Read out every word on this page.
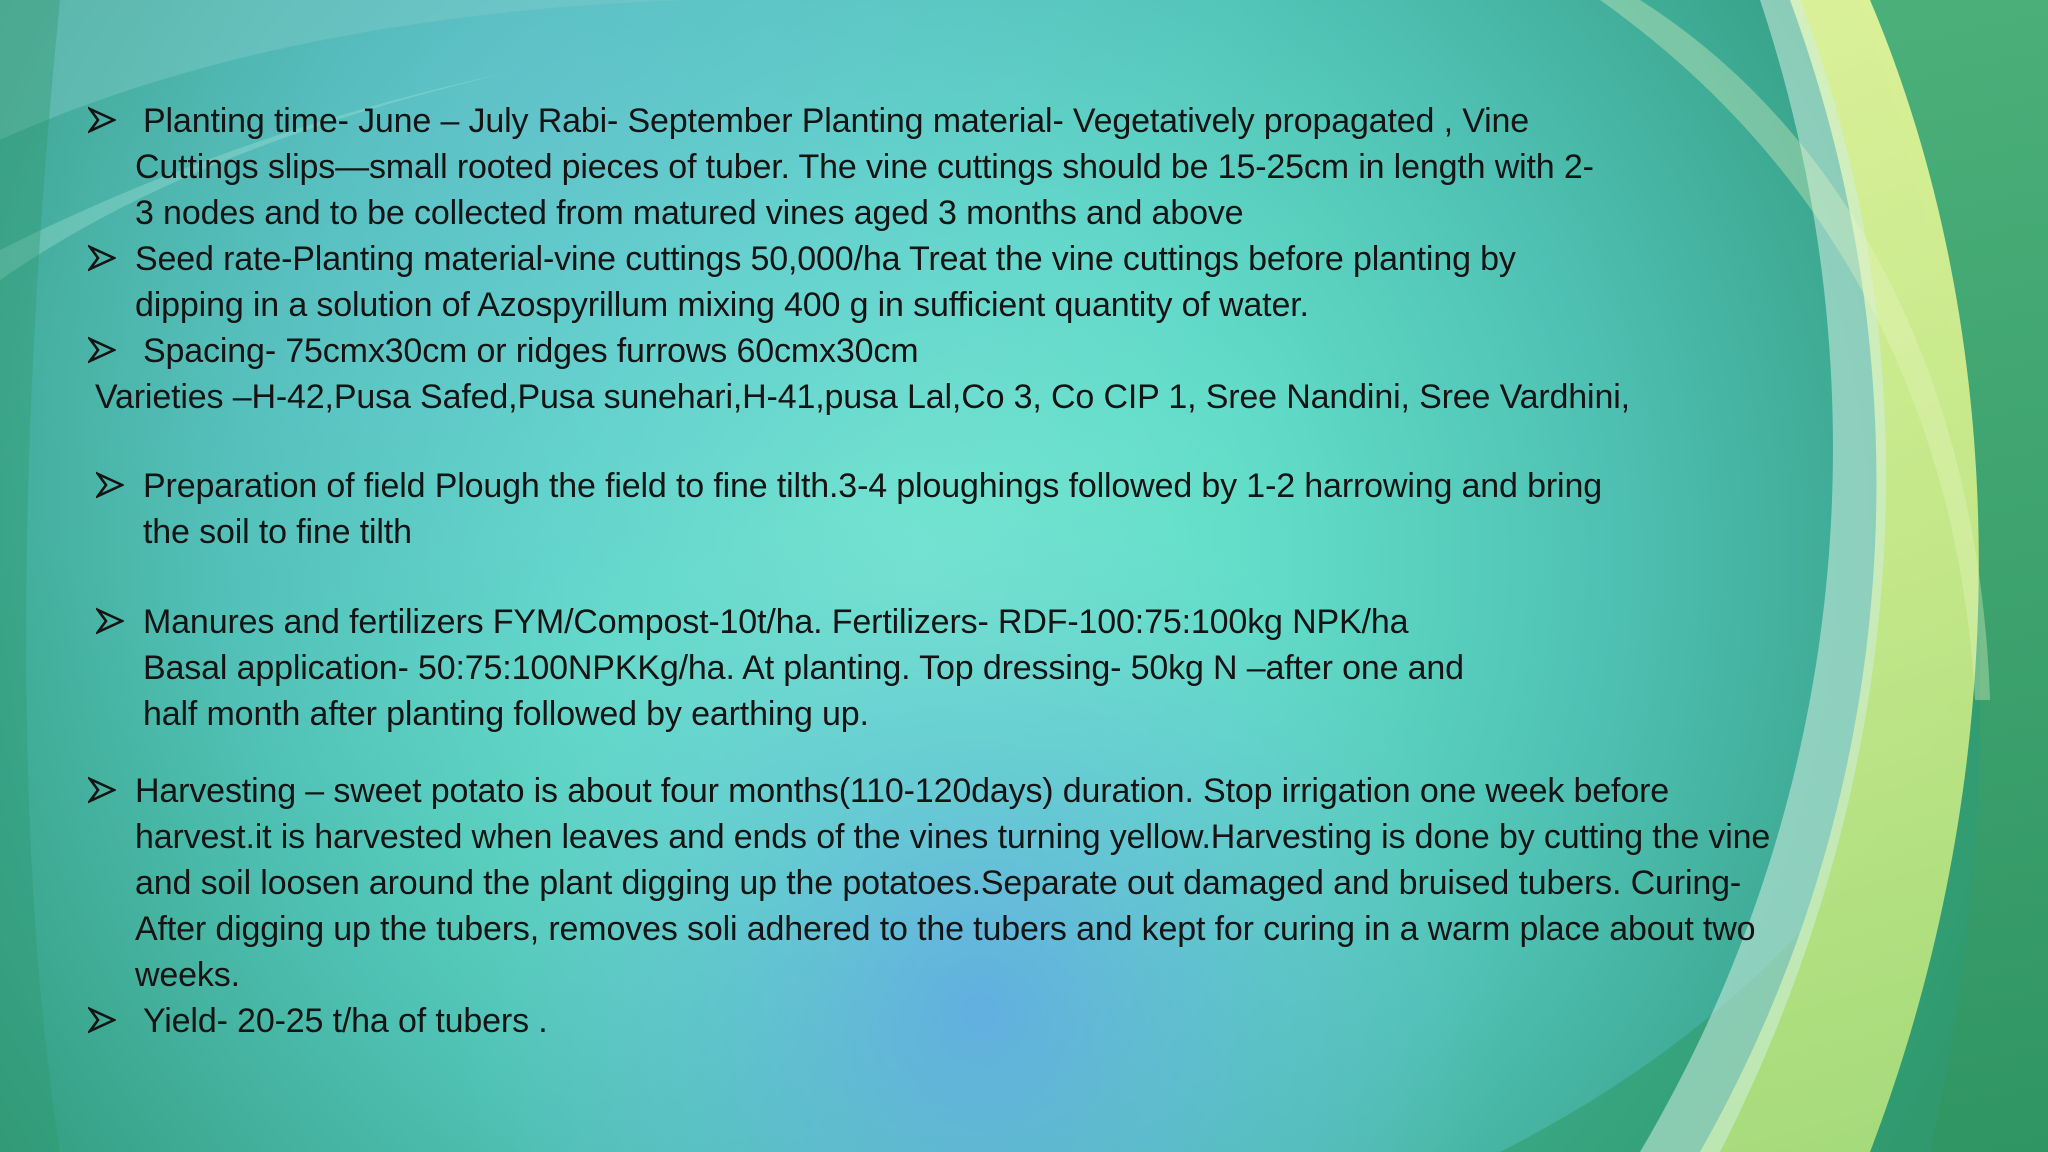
Planting time- June – July Rabi- September Planting material- Vegetatively propagated , Vine
Cuttings slips—small rooted pieces of tuber. The vine cuttings should be 15-25cm in length with 2-
3 nodes and to be collected from matured vines aged 3 months and above
Seed rate-Planting material-vine cuttings 50,000/ha Treat the vine cuttings before planting by
dipping in a solution of Azospyrillum mixing 400 g in sufficient quantity of water.
Spacing- 75cmx30cm or ridges furrows 60cmx30cm
Varieties –H-42,Pusa Safed,Pusa sunehari,H-41,pusa Lal,Co 3, Co CIP 1, Sree Nandini, Sree Vardhini,
Preparation of field Plough the field to fine tilth.3-4 ploughings followed by 1-2 harrowing and bring
the soil to fine tilth
Manures and fertilizers FYM/Compost-10t/ha. Fertilizers- RDF-100:75:100kg NPK/ha
Basal application- 50:75:100NPKKg/ha. At planting. Top dressing- 50kg N –after one and
half month after planting followed by earthing up.
Harvesting – sweet potato is about four months(110-120days) duration. Stop irrigation one week before
harvest.it is harvested when leaves and ends of the vines turning yellow.Harvesting is done by cutting the vine
and soil loosen around the plant digging up the potatoes.Separate out damaged and bruised tubers. Curing-
After digging up the tubers, removes soli adhered to the tubers and kept for curing in a warm place about two
weeks.
Yield- 20-25 t/ha of tubers .
